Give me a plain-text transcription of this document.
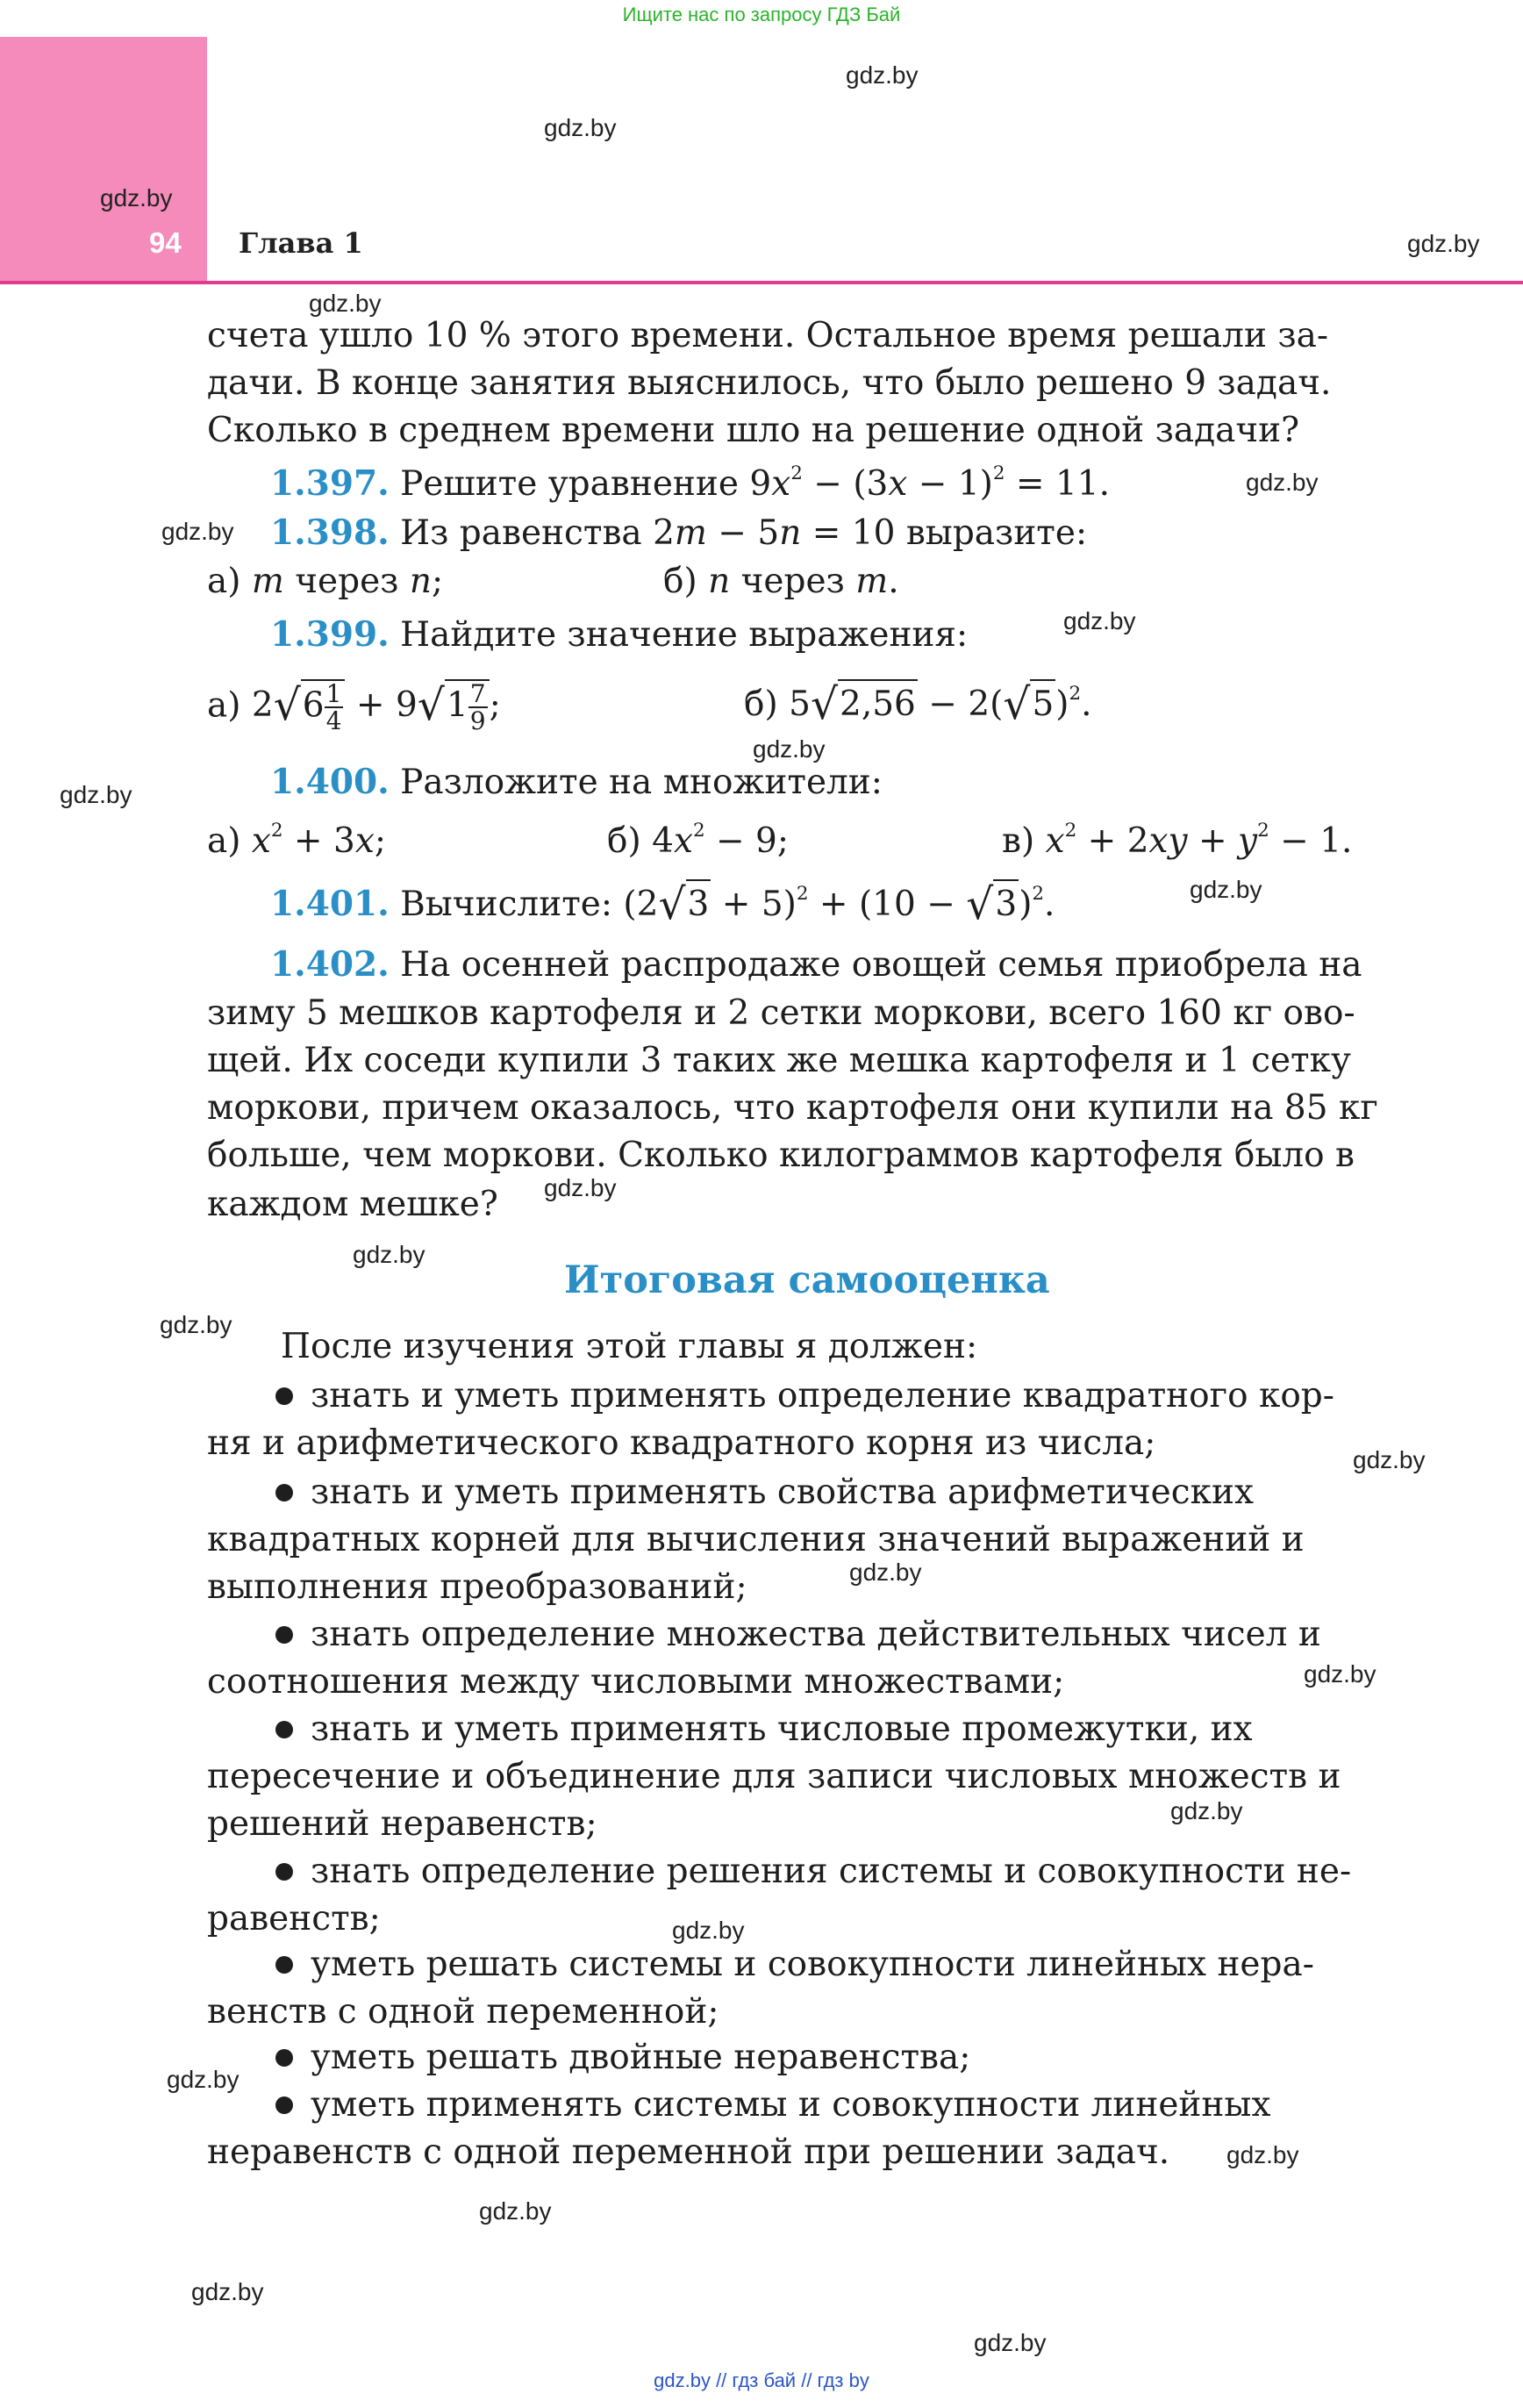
Ищите нас по запросу ГДЗ Бай
94 Глава 1
gdz.by
gdz.by
gdz.by
gdz.by
gdz.by
gdz.by
gdz.by
gdz.by
gdz.by
gdz.by
gdz.by
gdz.by
gdz.by
gdz.by
gdz.by
gdz.by
gdz.by
gdz.by
gdz.by
gdz.by
gdz.by
gdz.by
gdz.by
gdz.by
счета ушло 10 % этого времени. Остальное время решали за-
дачи. В конце занятия выяснилось, что было решено 9 задач.
Сколько в среднем времени шло на решение одной задачи?
1.397. Решите уравнение $9x^2 - (3x - 1)^2 = 11$.
1.398. Из равенства 2m − 5n = 10 выразите:
а) m через n;	б) n через m.
1.399. Найдите значение выражения:
а) $2√6 \frac{1}{4} + 9√1 \frac{7}{9}$ ;	б) $5√2,56 - 2(√5)^2$.
1.400. Разложите на множители:
а) $x^2 + 3x$;	б) $4x^2 - 9$;	в) $x^2 + 2xy + y^2 - 1$.
1.401. Вычислите: $(2√3 + 5)^2 + (10 - √3)^2$.
1.402. На осенней распродаже овощей семья приобрела на
зиму 5 мешков картофеля и 2 сетки моркови, всего 160 кг ово-
щей. Их соседи купили 3 таких же мешка картофеля и 1 сетку
моркови, причем оказалось, что картофеля они купили на 85 кг
больше, чем моркови. Сколько килограммов картофеля было в
каждом мешке?
Итоговая самооценка
После изучения этой главы я должен:
знать и уметь применять определение квадратного кор-
ня и арифметического квадратного корня из числа;
знать и уметь применять свойства арифметических
квадратных корней для вычисления значений выражений и
выполнения преобразований;
знать определение множества действительных чисел и
соотношения между числовыми множествами;
знать и уметь применять числовые промежутки, их
пересечение и объединение для записи числовых множеств и
решений неравенств;
знать определение решения системы и совокупности не-
равенств;
уметь решать системы и совокупности линейных нера-
венств с одной переменной;
уметь решать двойные неравенства;
уметь применять системы и совокупности линейных
неравенств с одной переменной при решении задач.
gdz.by // гдз бай // гдз by
